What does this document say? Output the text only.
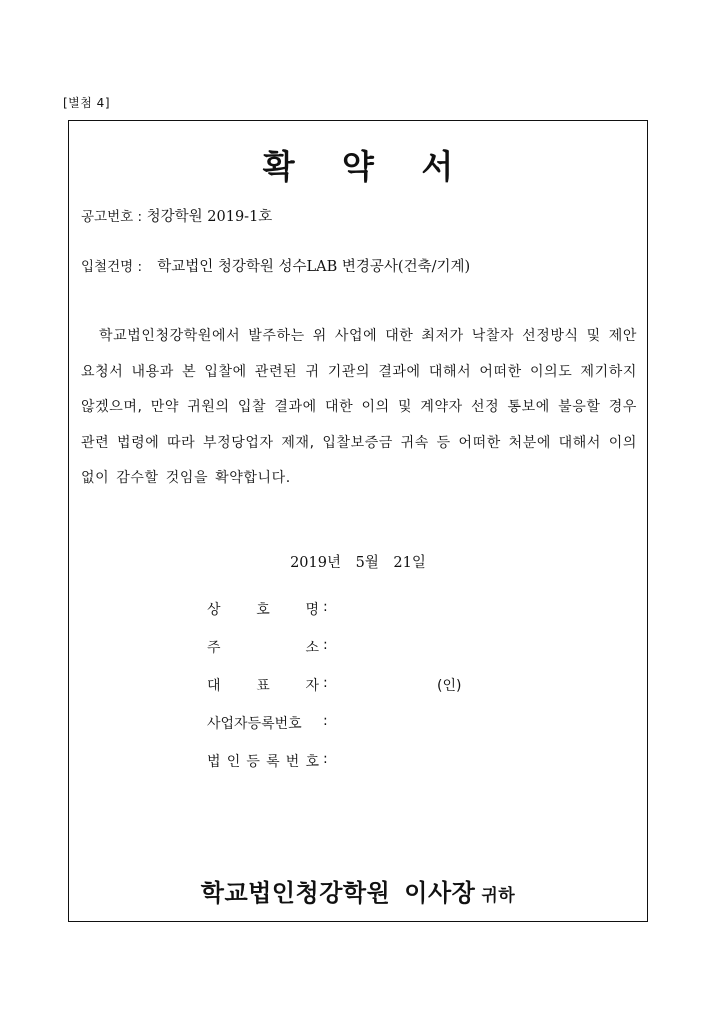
[별첨 4]
확 약 서
공고번호 : 청강학원 2019-1호
입철건명 : 학교법인 청강학원 성수LAB 변경공사(건축/기계)
학교법인청강학원에서 발주하는 위 사업에 대한 최저가 낙찰자 선정방식 및 제안 요청서 내용과 본 입찰에 관련된 귀 기관의 결과에 대해서 어떠한 이의도 제기하지 않겠으며, 만약 귀원의 입찰 결과에 대한 이의 및 계약자 선정 통보에 불응할 경우 관련 법령에 따라 부정당업자 제재, 입찰보증금 귀속 등 어떠한 처분에 대해서 이의 없이 감수할 것임을 확약합니다.
2019년 5월 21일
상	호	명 :
주	소 :
대	표	자 :	(인)
사업자등록번호 :
법 인 등 록 번 호 :
학교법인청강학원 이사장 귀하
